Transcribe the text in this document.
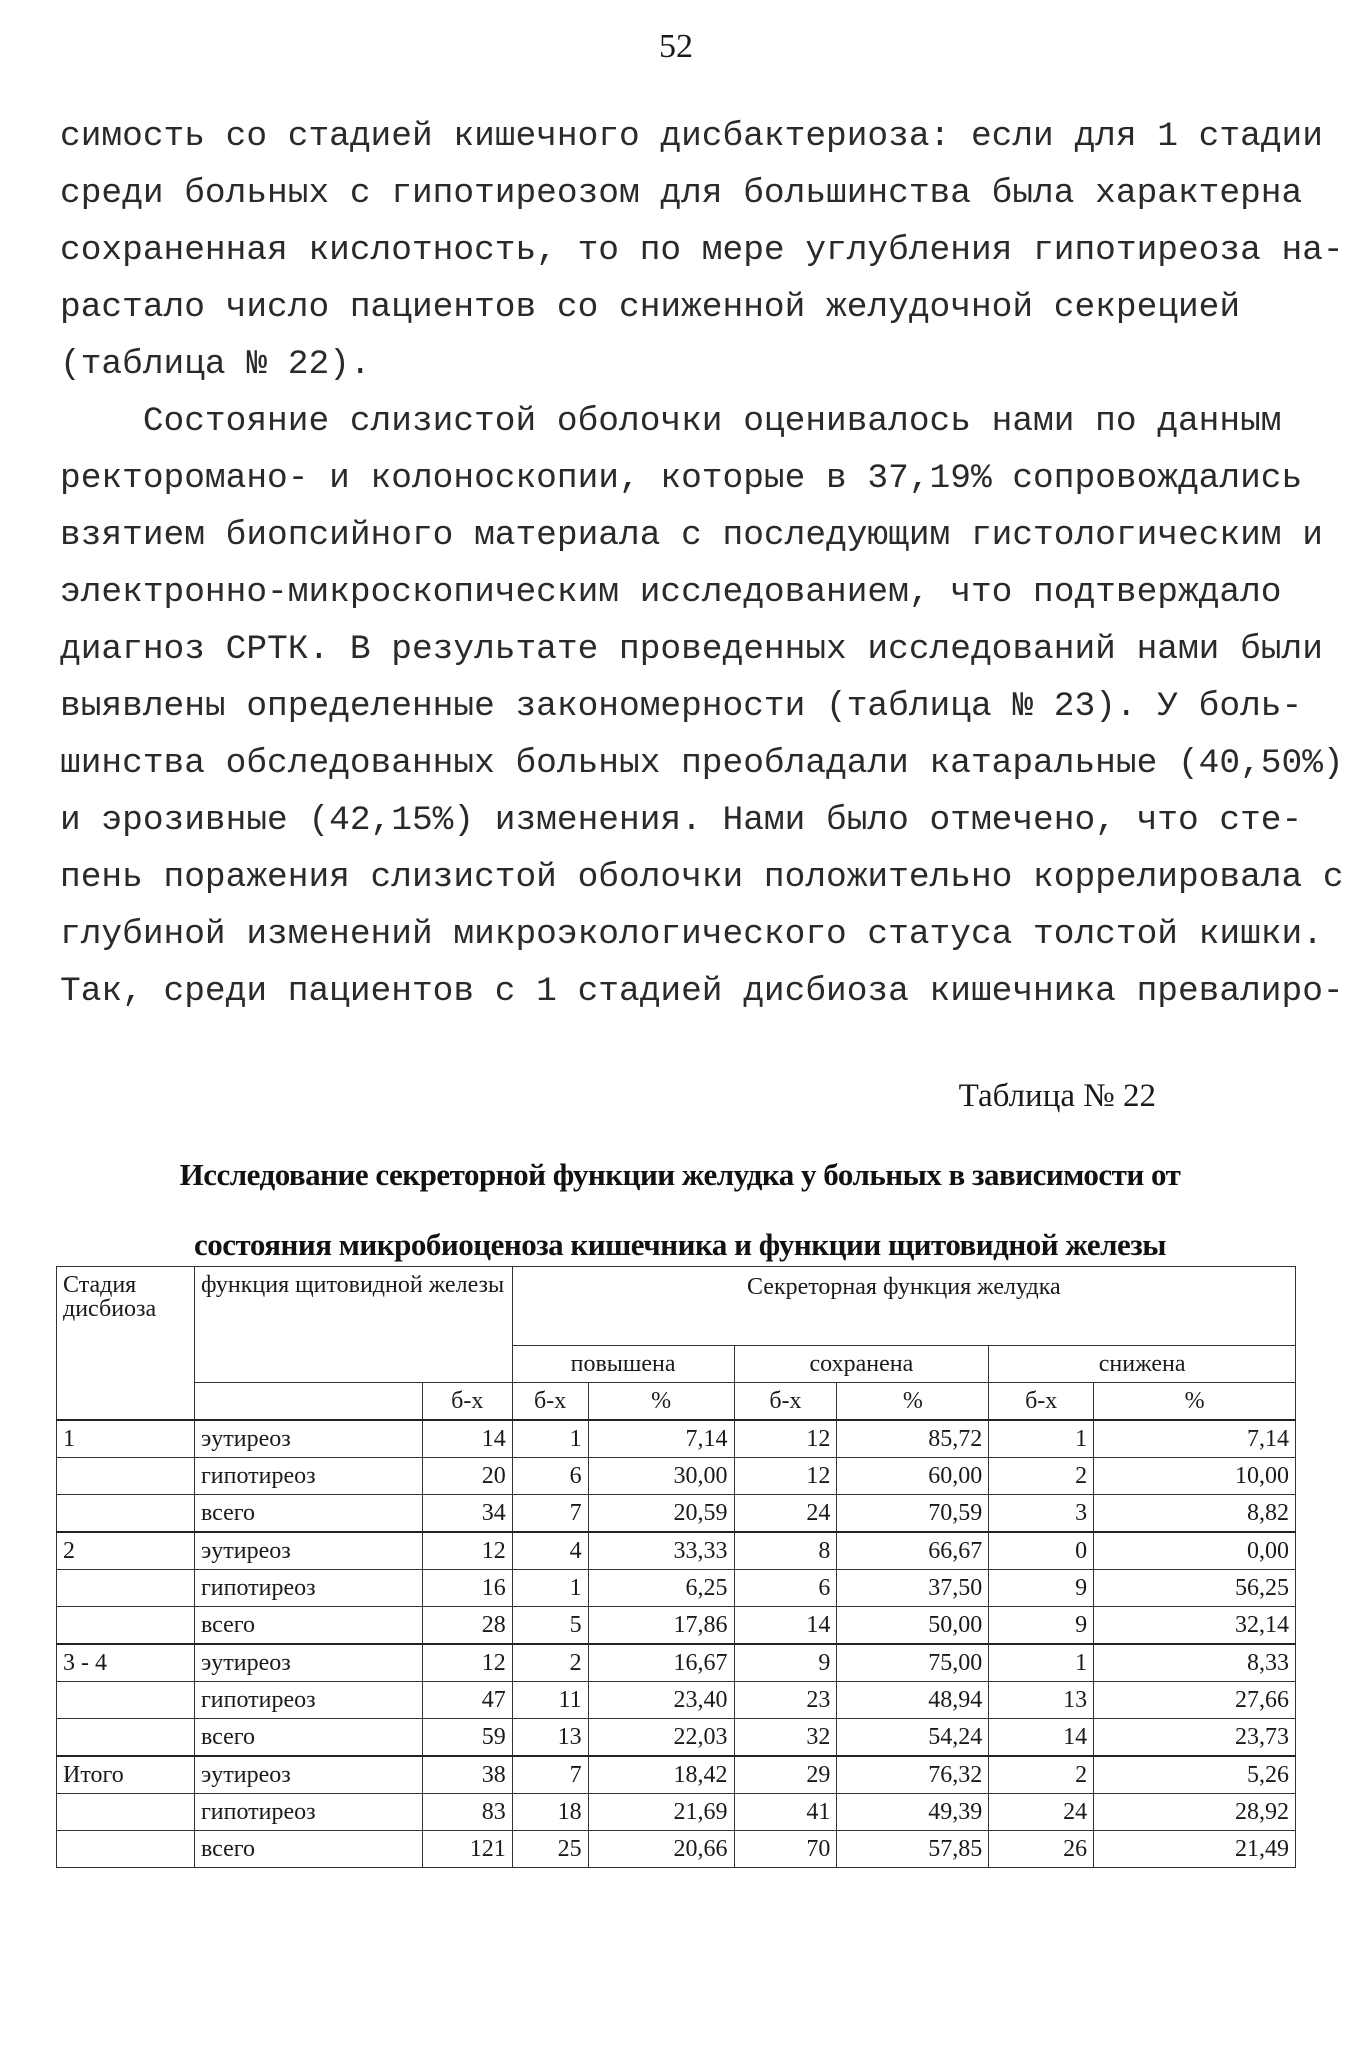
52

симость со стадией кишечного дисбактериоза: если для 1 стадии
среди больных с гипотиреозом для большинства была характерна
сохраненная кислотность, то по мере углубления гипотиреоза на-
растало число пациентов со сниженной желудочной секрецией
(таблица № 22).

Состояние слизистой оболочки оценивалось нами по данным
ректороманo- и колоноскопии, которые в 37,19% сопровождались
взятием биопсийного материала с последующим гистологическим и
электронно-микроскопическим исследованием, что подтверждало
диагноз СРТК. В результате проведенных исследований нами были
выявлены определенные закономерности (таблица № 23). У боль-
шинства обследованных больных преобладали катаральные (40,50%)
и эрозивные (42,15%) изменения. Нами было отмечено, что сте-
пень поражения слизистой оболочки положительно коррелировала с
глубиной изменений микроэкологического статуса толстой кишки.
Так, среди пациентов с 1 стадией дисбиоза кишечника превалиро-

Таблица № 22
Исследование секреторной функции желудка у больных в зависимости от
состояния микробиоценоза кишечника и функции щитовидной железы
Стадия дисбиоза	функция щитовидной железы		Секреторная функция желудка					
			повышена		сохранена		снижена	
		б-х	б-х	%	б-х	%	б-х	%
1	эутиреоз	14	1	7,14	12	85,72	1	7,14
	гипотиреоз	20	6	30,00	12	60,00	2	10,00
	всего	34	7	20,59	24	70,59	3	8,82
2	эутиреоз	12	4	33,33	8	66,67	0	0,00
	гипотиреоз	16	1	6,25	6	37,50	9	56,25
	всего	28	5	17,86	14	50,00	9	32,14
3 - 4	эутиреоз	12	2	16,67	9	75,00	1	8,33
	гипотиреоз	47	11	23,40	23	48,94	13	27,66
	всего	59	13	22,03	32	54,24	14	23,73
Итого	эутиреоз	38	7	18,42	29	76,32	2	5,26
	гипотиреоз	83	18	21,69	41	49,39	24	28,92
	всего	121	25	20,66	70	57,85	26	21,49
